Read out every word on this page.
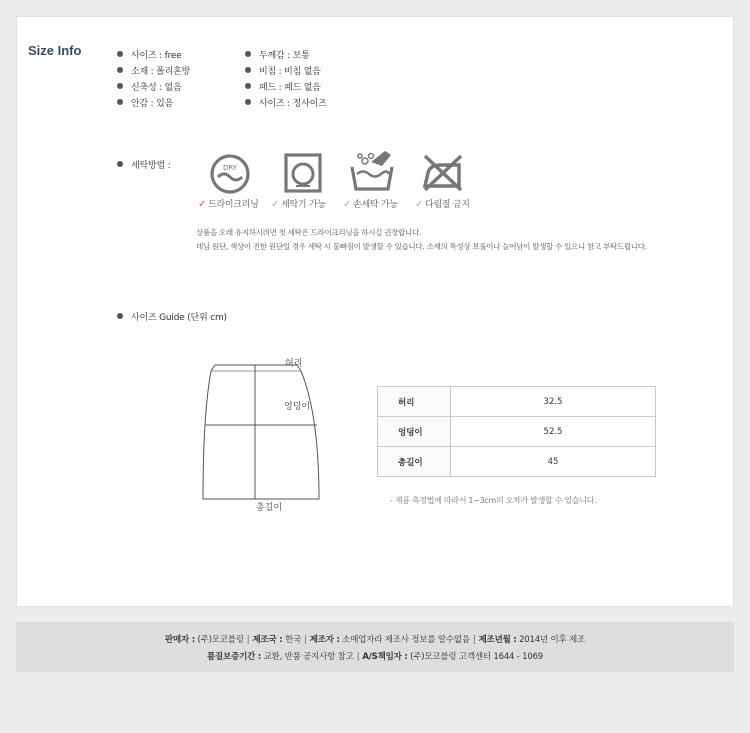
Size Info	사이즈 : free
소재 : 폴리혼방
신축성 : 없음
안감 : 있음
두께감 : 보통
비침 : 비침 없음
패드 : 패드 없음
사이즈 : 정사이즈
세탁방법 :	DRY
✓ 드라이크리닝 ✓ 세탁기 가능 ✓ 손세탁 가능 ✓ 다림질 금지
상품을 오래 유지하시려면 첫 세탁은 드라이크리닝을 하시길 권장합니다.
데님 원단, 색상이 진한 원단일 경우 세탁 시 물빠짐이 발생할 수 있습니다. 소재의 특성상 보풀이나 늘어남이 발생할 수 있으니 참고 부탁드립니다.
사이즈 Guide (단위 cm)
허리
엉덩이
총길이
허리	32.5
엉덩이	52.5
총길이	45
- 제품 측정법에 따라서 1~3cm의 오차가 발생할 수 있습니다.
판매자 : (주)모코블링 | 제조국 : 한국 | 제조자 : 소매업자라 제조사 정보를 알수없음 | 제조년월 : 2014년 이후 제조
품질보증기간 : 교환, 반품 공지사항 참고 | A/S책임자 : (주)모코블링 고객센터 1644 - 1069
